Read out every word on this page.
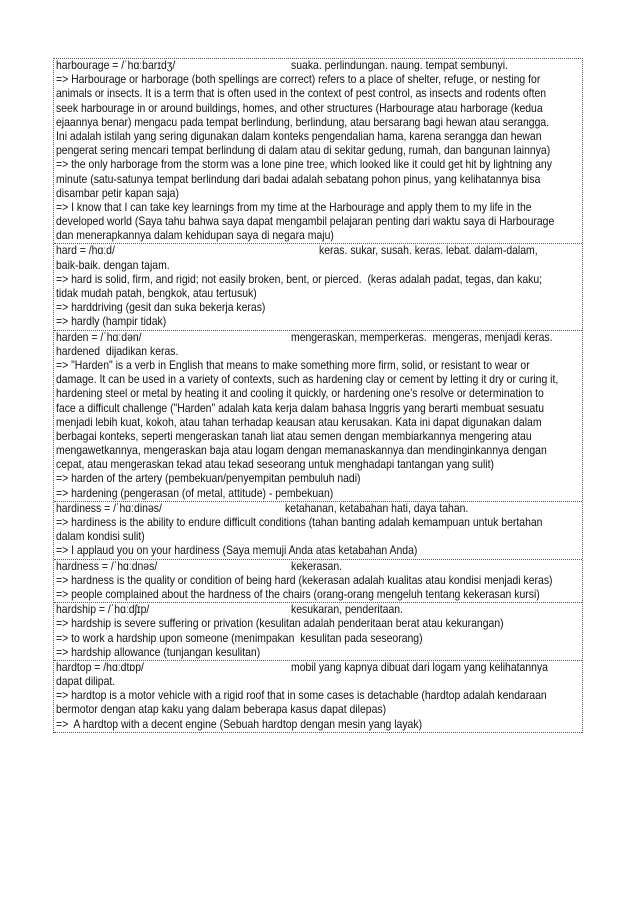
harbourage = /ˈhɑːbarɪdʒ/	suaka. perlindungan. naung. tempat sembunyi.
=> Harbourage or harborage (both spellings are correct) refers to a place of shelter, refuge, or nesting for
animals or insects. It is a term that is often used in the context of pest control, as insects and rodents often
seek harbourage in or around buildings, homes, and other structures (Harbourage atau harborage (kedua
ejaannya benar) mengacu pada tempat berlindung, berlindung, atau bersarang bagi hewan atau serangga.
Ini adalah istilah yang sering digunakan dalam konteks pengendalian hama, karena serangga dan hewan
pengerat sering mencari tempat berlindung di dalam atau di sekitar gedung, rumah, dan bangunan lainnya)
=> the only harborage from the storm was a lone pine tree, which looked like it could get hit by lightning any
minute (satu-satunya tempat berlindung dari badai adalah sebatang pohon pinus, yang kelihatannya bisa
disambar petir kapan saja)
=> I know that I can take key learnings from my time at the Harbourage and apply them to my life in the
developed world (Saya tahu bahwa saya dapat mengambil pelajaran penting dari waktu saya di Harbourage
dan menerapkannya dalam kehidupan saya di negara maju)
hard = /hɑːd/	keras. sukar, susah. keras. lebat. dalam-dalam,
baik-baik. dengan tajam.
=> hard is solid, firm, and rigid; not easily broken, bent, or pierced.  (keras adalah padat, tegas, dan kaku;
tidak mudah patah, bengkok, atau tertusuk)
=> harddriving (gesit dan suka bekerja keras)
=> hardly (hampir tidak)
harden = /ˈhɑːdən/	mengeraskan, memperkeras.  mengeras, menjadi keras.
hardened  dijadikan keras.
=> "Harden" is a verb in English that means to make something more firm, solid, or resistant to wear or
damage. It can be used in a variety of contexts, such as hardening clay or cement by letting it dry or curing it,
hardening steel or metal by heating it and cooling it quickly, or hardening one's resolve or determination to
face a difficult challenge ("Harden" adalah kata kerja dalam bahasa Inggris yang berarti membuat sesuatu
menjadi lebih kuat, kokoh, atau tahan terhadap keausan atau kerusakan. Kata ini dapat digunakan dalam
berbagai konteks, seperti mengeraskan tanah liat atau semen dengan membiarkannya mengering atau
mengawetkannya, mengeraskan baja atau logam dengan memanaskannya dan mendinginkannya dengan
cepat, atau mengeraskan tekad atau tekad seseorang untuk menghadapi tantangan yang sulit)
=> harden of the artery (pembekuan/penyempitan pembuluh nadi)
=> hardening (pengerasan (of metal, attitude) - pembekuan)
hardiness = /ˈhɑːdinəs/	ketahanan, ketabahan hati, daya tahan.
=> hardiness is the ability to endure difficult conditions (tahan banting adalah kemampuan untuk bertahan
dalam kondisi sulit)
=> I applaud you on your hardiness (Saya memuji Anda atas ketabahan Anda)
hardness = /ˈhɑːdnəs/	kekerasan.
=> hardness is the quality or condition of being hard (kekerasan adalah kualitas atau kondisi menjadi keras)
=> people complained about the hardness of the chairs (orang-orang mengeluh tentang kekerasan kursi)
hardship = /ˈhɑːdʃɪp/	kesukaran, penderitaan.
=> hardship is severe suffering or privation (kesulitan adalah penderitaan berat atau kekurangan)
=> to work a hardship upon someone (menimpakan  kesulitan pada seseorang)
=> hardship allowance (tunjangan kesulitan)
hardtop = /hɑːdtɒp/	mobil yang kapnya dibuat dari logam yang kelihatannya
dapat dilipat.
=> hardtop is a motor vehicle with a rigid roof that in some cases is detachable (hardtop adalah kendaraan
bermotor dengan atap kaku yang dalam beberapa kasus dapat dilepas)
=>  A hardtop with a decent engine (Sebuah hardtop dengan mesin yang layak)
